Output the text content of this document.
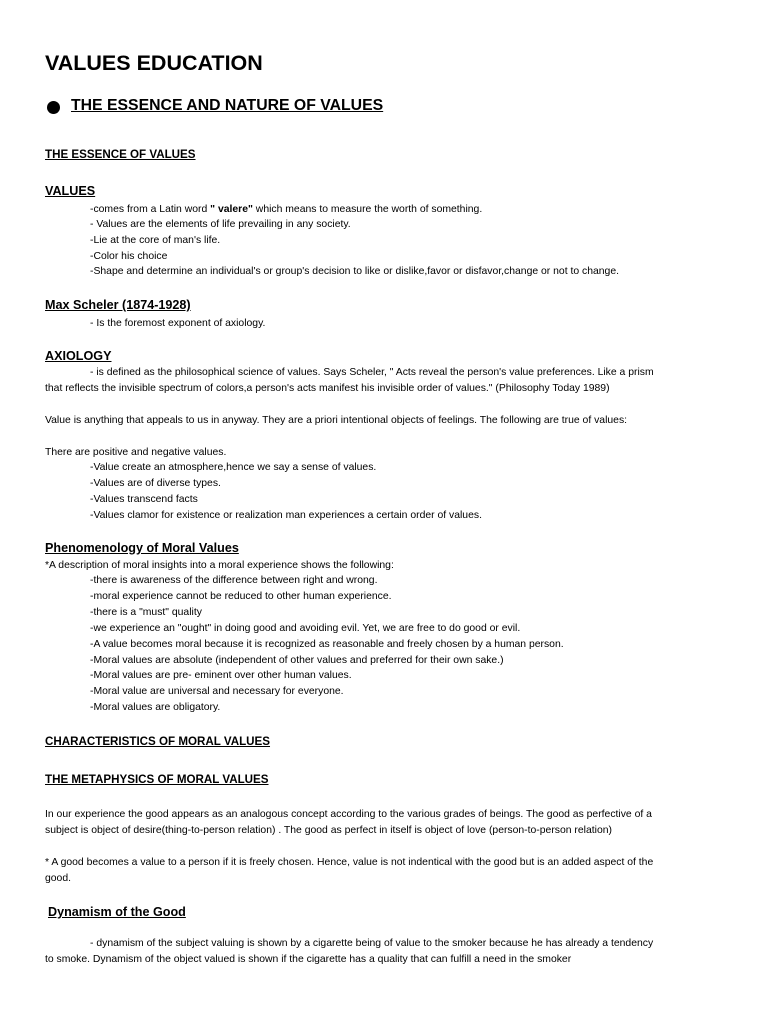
VALUES EDUCATION
THE ESSENCE AND NATURE OF VALUES
THE ESSENCE OF VALUES
VALUES
-comes from a Latin word " valere" which means to measure the worth of something.
- Values are the elements of life prevailing in any society.
-Lie at the core of man's life.
-Color his choice
-Shape and determine an individual's or group's decision to like or dislike,favor or disfavor,change or not to change.
Max Scheler (1874-1928)
- Is the foremost exponent of axiology.
AXIOLOGY
- is defined as the philosophical science of values. Says Scheler, " Acts reveal the person's value preferences. Like a prism
that reflects the invisible spectrum of colors,a person's acts manifest his invisible order of values." (Philosophy Today 1989)
Value is anything that appeals to us in anyway. They are a priori intentional objects of feelings. The following are true of values:
There are positive and negative values.
-Value create an atmosphere,hence we say a sense of values.
-Values are of diverse types.
-Values transcend facts
-Values clamor for existence or realization man experiences a certain order of values.
Phenomenology of Moral Values
*A description of moral insights into a moral experience shows the following:
-there is awareness of the difference between right and wrong.
-moral experience cannot be reduced to other human experience.
-there is a "must" quality
-we experience an "ought" in doing good and avoiding evil. Yet, we are free to do good or evil.
-A value becomes moral because it is recognized as reasonable and freely chosen by a human person.
-Moral values are absolute (independent of other values and preferred for their own sake.)
-Moral values are pre- eminent over other human values.
-Moral value are universal and necessary for everyone.
-Moral values are obligatory.
CHARACTERISTICS OF MORAL VALUES
THE METAPHYSICS OF MORAL VALUES
In our experience the good appears as an analogous concept according to the various grades of beings. The good as perfective of a
subject is object of desire(thing-to-person relation) . The good as perfect in itself is object of love (person-to-person relation)
* A good becomes a value to a person if it is freely chosen. Hence, value is not indentical with the good but is an added aspect of the
good.
Dynamism of the Good
- dynamism of the subject valuing is shown by a cigarette being of value to the smoker because he has already a tendency
to smoke. Dynamism of the object valued is shown if the cigarette has a quality that can fulfill a need in the smoker
